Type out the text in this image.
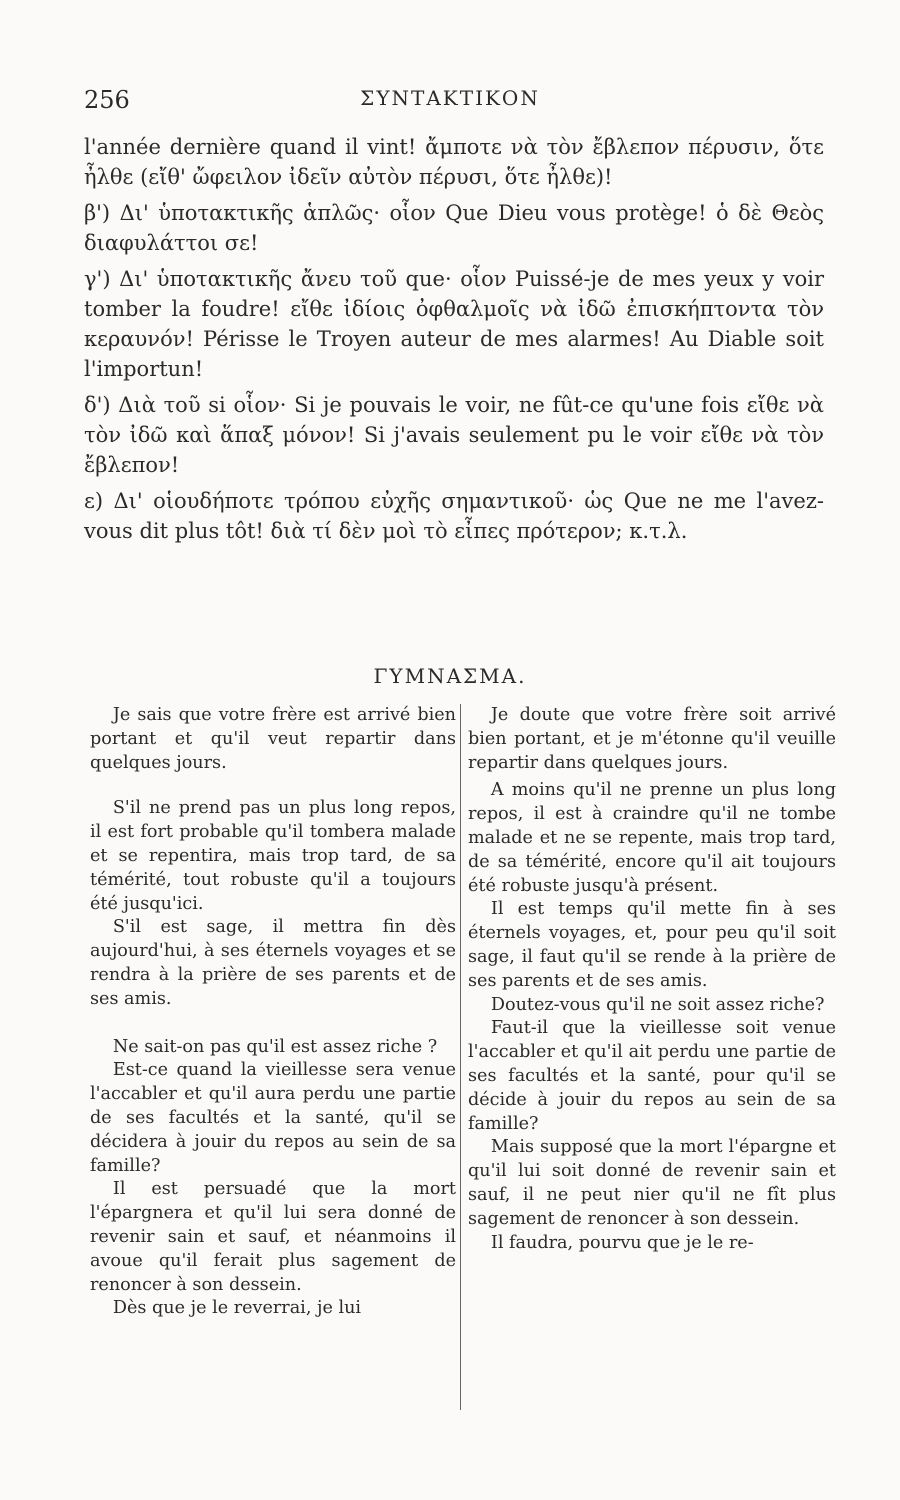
256	ΣΥΝΤΑΚΤΙΚΟΝ

l'année dernière quand il vint! ἄμποτε νὰ τὸν ἔβλεπον πέρυσιν, ὅτε ἦλθε (εἴθ' ὤφειλον ἰδεῖν αὐτὸν πέρυσι, ὅτε ἦλθε)!

β') Δι' ὑποτακτικῆς ἁπλῶς· οἷον Que Dieu vous protège! ὁ δὲ Θεὸς διαφυλάττοι σε!

γ') Δι' ὑποτακτικῆς ἄνευ τοῦ que· οἷον Puissé-je de mes yeux y voir tomber la foudre! εἴθε ἰδίοις ὀφθαλμοῖς νὰ ἰδῶ ἐπισκήπτοντα τὸν κεραυνόν! Périsse le Troyen auteur de mes alarmes! Au Diable soit l'importun!

δ') Διὰ τοῦ si οἷον· Si je pouvais le voir, ne fût-ce qu'une fois εἴθε νὰ τὸν ἰδῶ καὶ ἅπαξ μόνον! Si j'avais seulement pu le voir εἴθε νὰ τὸν ἔβλεπον!

ε) Δι' οἱουδήποτε τρόπου εὐχῆς σημαντικοῦ· ὡς Que ne me l'avez-vous dit plus tôt! διὰ τί δὲν μοὶ τὸ εἶπες πρότερον; κ.τ.λ.

ΓΥΜΝΑΣΜΑ.

Je sais que votre frère est arrivé bien portant et qu'il veut repartir dans quelques jours.

S'il ne prend pas un plus long repos, il est fort probable qu'il tombera malade et se repentira, mais trop tard, de sa témérité, tout robuste qu'il a toujours été jusqu'ici.

S'il est sage, il mettra fin dès aujourd'hui, à ses éternels voyages et se rendra à la prière de ses parents et de ses amis.

Ne sait-on pas qu'il est assez riche ?

Est-ce quand la vieillesse sera venue l'accabler et qu'il aura perdu une partie de ses facultés et la santé, qu'il se décidera à jouir du repos au sein de sa famille?

Il est persuadé que la mort l'épargnera et qu'il lui sera donné de revenir sain et sauf, et néanmoins il avoue qu'il ferait plus sagement de renoncer à son dessein.

Dès que je le reverrai, je lui

Je doute que votre frère soit arrivé bien portant, et je m'étonne qu'il veuille repartir dans quelques jours.

A moins qu'il ne prenne un plus long repos, il est à craindre qu'il ne tombe malade et ne se repente, mais trop tard, de sa témérité, encore qu'il ait toujours été robuste jusqu'à présent.

Il est temps qu'il mette fin à ses éternels voyages, et, pour peu qu'il soit sage, il faut qu'il se rende à la prière de ses parents et de ses amis.

Doutez-vous qu'il ne soit assez riche?

Faut-il que la vieillesse soit venue l'accabler et qu'il ait perdu une partie de ses facultés et la santé, pour qu'il se décide à jouir du repos au sein de sa famille?

Mais supposé que la mort l'épargne et qu'il lui soit donné de revenir sain et sauf, il ne peut nier qu'il ne fît plus sagement de renoncer à son dessein.

Il faudra, pourvu que je le re-
